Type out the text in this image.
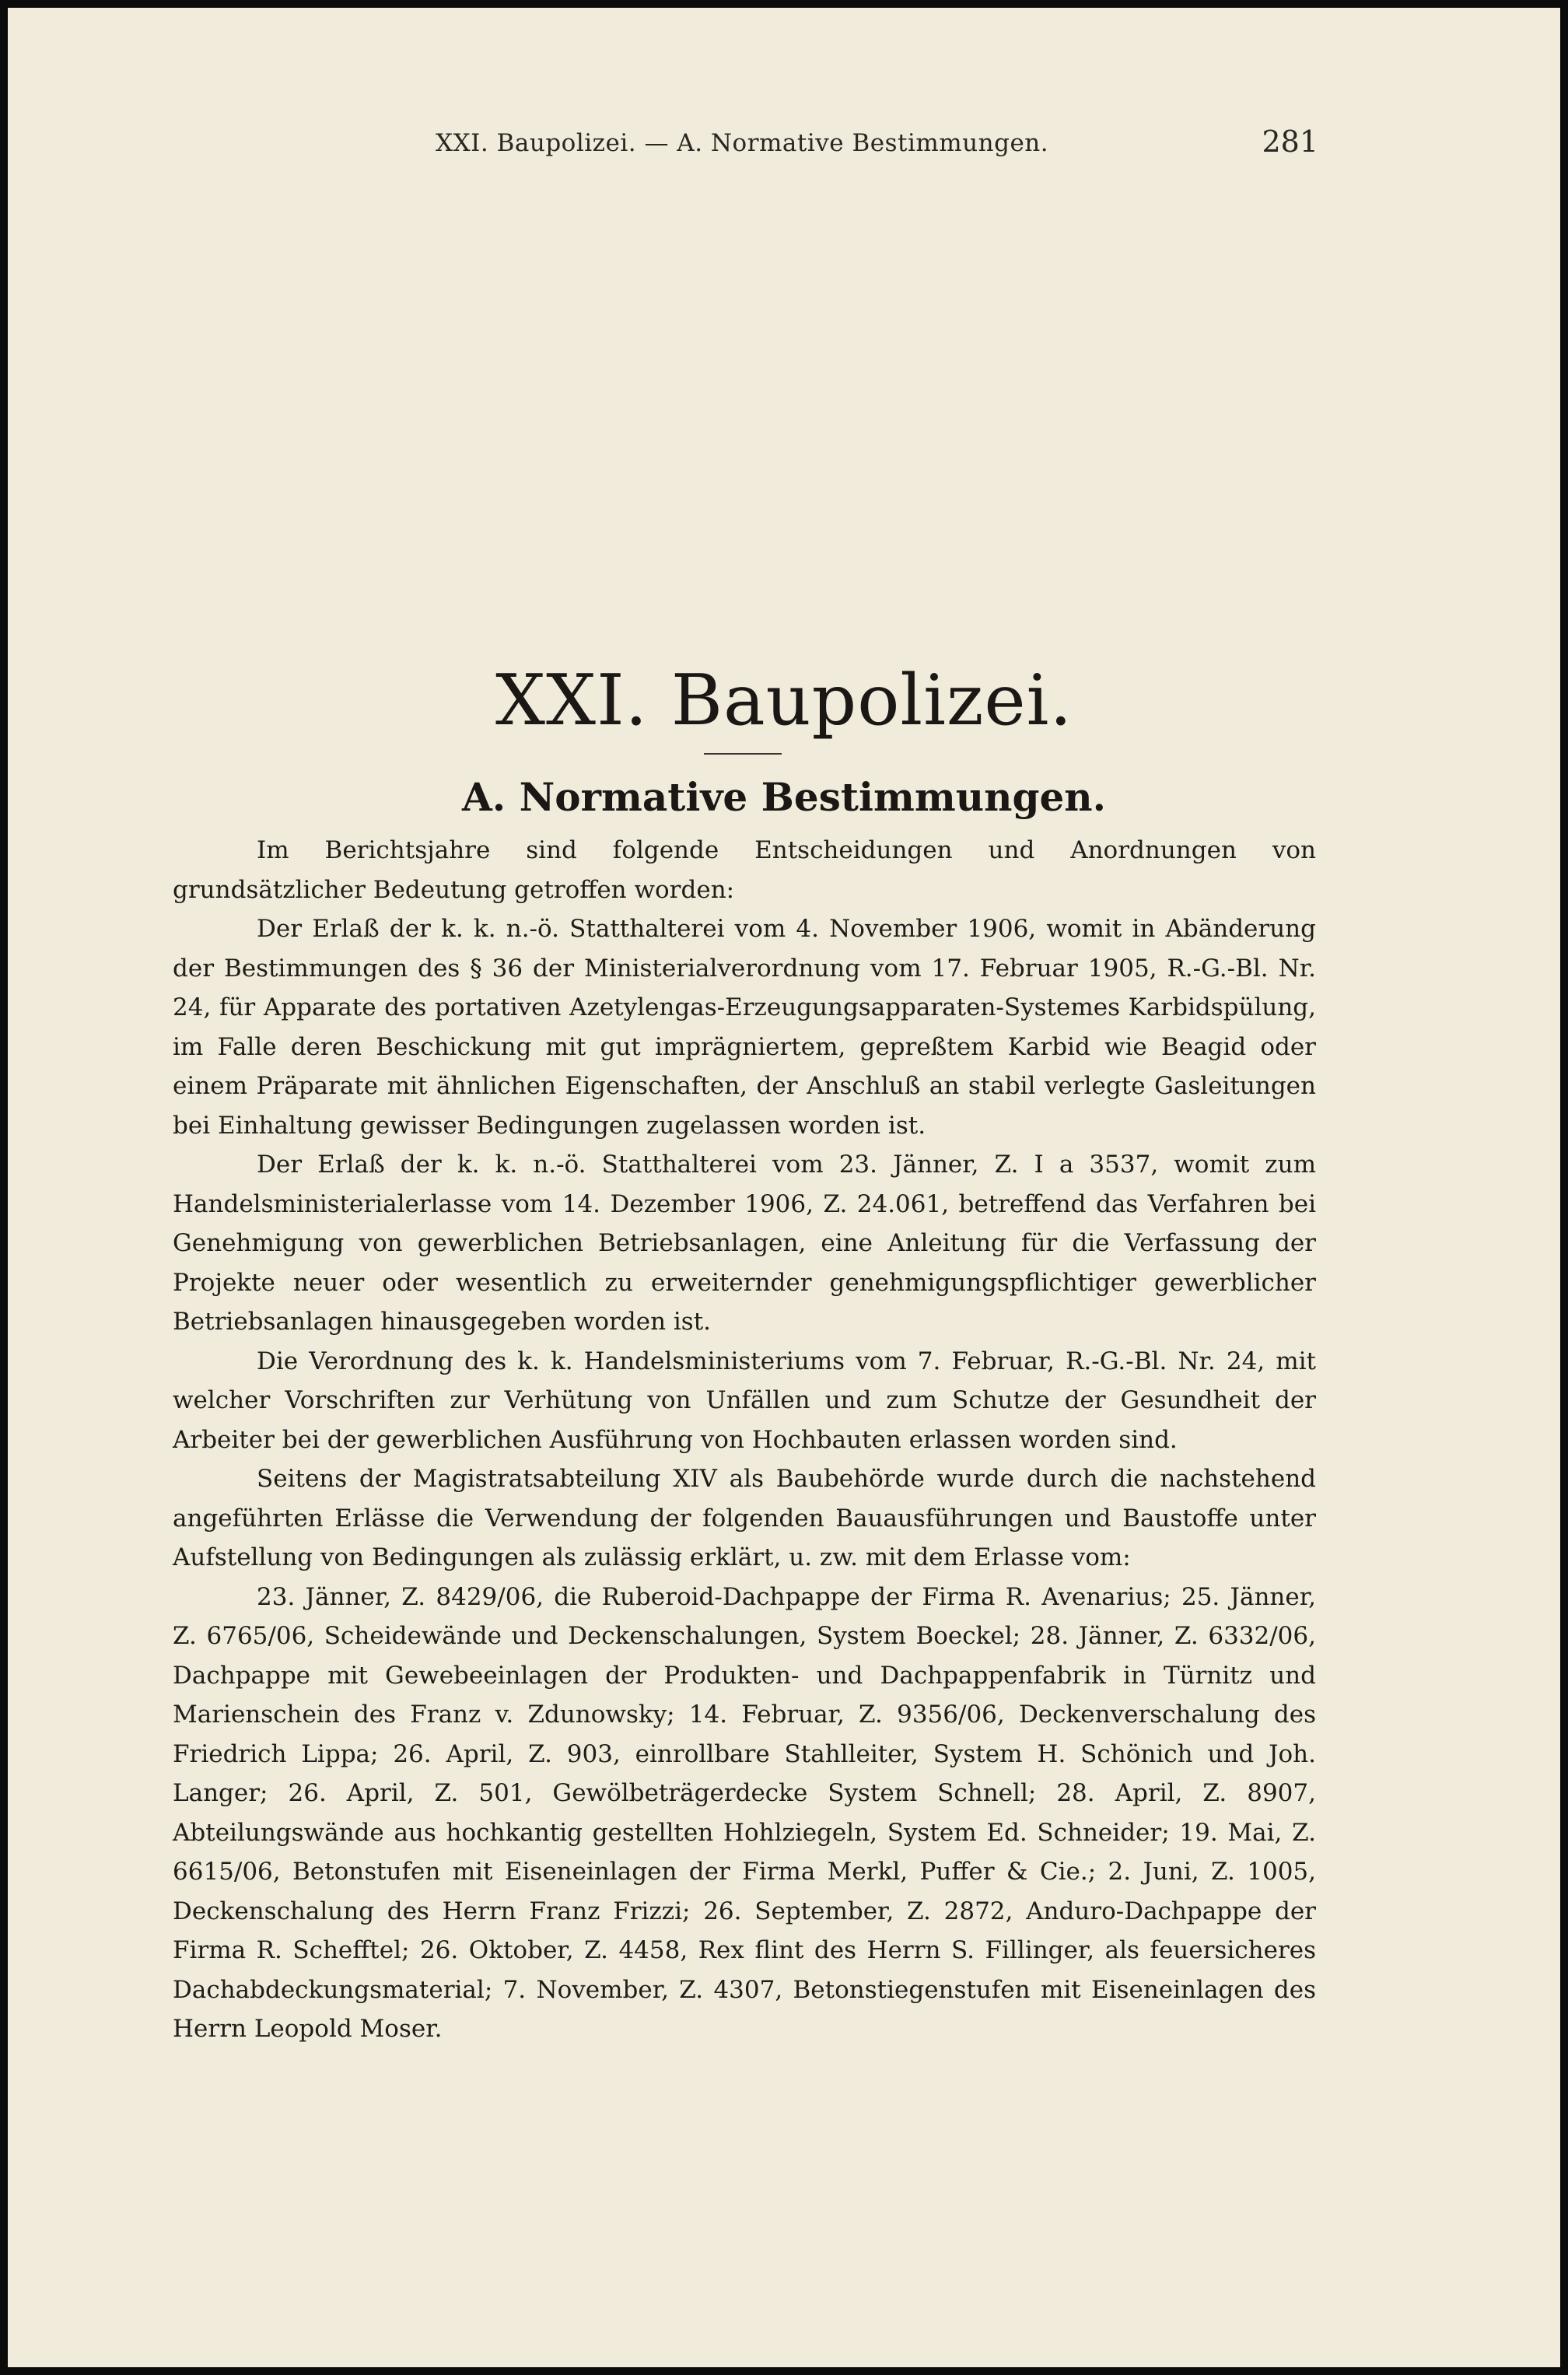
XXI. Baupolizei. — A. Normative Bestimmungen.	281
XXI. Baupolizei.
A. Normative Bestimmungen.

Im Berichtsjahre sind folgende Entscheidungen und Anordnungen von grundsätzlicher Bedeutung getroffen worden:

Der Erlaß der k. k. n.-ö. Statthalterei vom 4. November 1906, womit in Abänderung der Bestimmungen des § 36 der Ministerialverordnung vom 17. Februar 1905, R.-G.-Bl. Nr. 24, für Apparate des portativen Azetylengas-Erzeugungsapparaten-Systemes Karbidspülung, im Falle deren Beschickung mit gut imprägniertem, gepreßtem Karbid wie Beagid oder einem Präparate mit ähnlichen Eigenschaften, der Anschluß an stabil verlegte Gasleitungen bei Einhaltung gewisser Bedingungen zugelassen worden ist.

Der Erlaß der k. k. n.-ö. Statthalterei vom 23. Jänner, Z. I a 3537, womit zum Handelsministerialerlasse vom 14. Dezember 1906, Z. 24.061, betreffend das Verfahren bei Genehmigung von gewerblichen Betriebsanlagen, eine Anleitung für die Verfassung der Projekte neuer oder wesentlich zu erweiternder genehmigungspflichtiger gewerblicher Betriebsanlagen hinausgegeben worden ist.

Die Verordnung des k. k. Handelsministeriums vom 7. Februar, R.-G.-Bl. Nr. 24, mit welcher Vorschriften zur Verhütung von Unfällen und zum Schutze der Gesundheit der Arbeiter bei der gewerblichen Ausführung von Hochbauten erlassen worden sind.

Seitens der Magistratsabteilung XIV als Baubehörde wurde durch die nachstehend angeführten Erlässe die Verwendung der folgenden Bauausführungen und Baustoffe unter Aufstellung von Bedingungen als zulässig erklärt, u. zw. mit dem Erlasse vom:

23. Jänner, Z. 8429/06, die Ruberoid-Dachpappe der Firma R. Avenarius; 25. Jänner, Z. 6765/06, Scheidewände und Deckenschalungen, System Boeckel; 28. Jänner, Z. 6332/06, Dachpappe mit Gewebeeinlagen der Produkten- und Dachpappenfabrik in Türnitz und Marienschein des Franz v. Zdunowsky; 14. Februar, Z. 9356/06, Deckenverschalung des Friedrich Lippa; 26. April, Z. 903, einrollbare Stahlleiter, System H. Schönich und Joh. Langer; 26. April, Z. 501, Gewölbeträgerdecke System Schnell; 28. April, Z. 8907, Abteilungswände aus hochkantig gestellten Hohlziegeln, System Ed. Schneider; 19. Mai, Z. 6615/06, Betonstufen mit Eiseneinlagen der Firma Merkl, Puffer & Cie.; 2. Juni, Z. 1005, Deckenschalung des Herrn Franz Frizzi; 26. September, Z. 2872, Anduro-Dachpappe der Firma R. Schefftel; 26. Oktober, Z. 4458, Rex flint des Herrn S. Fillinger, als feuersicheres Dachabdeckungsmaterial; 7. November, Z. 4307, Betonstiegenstufen mit Eiseneinlagen des Herrn Leopold Moser.
